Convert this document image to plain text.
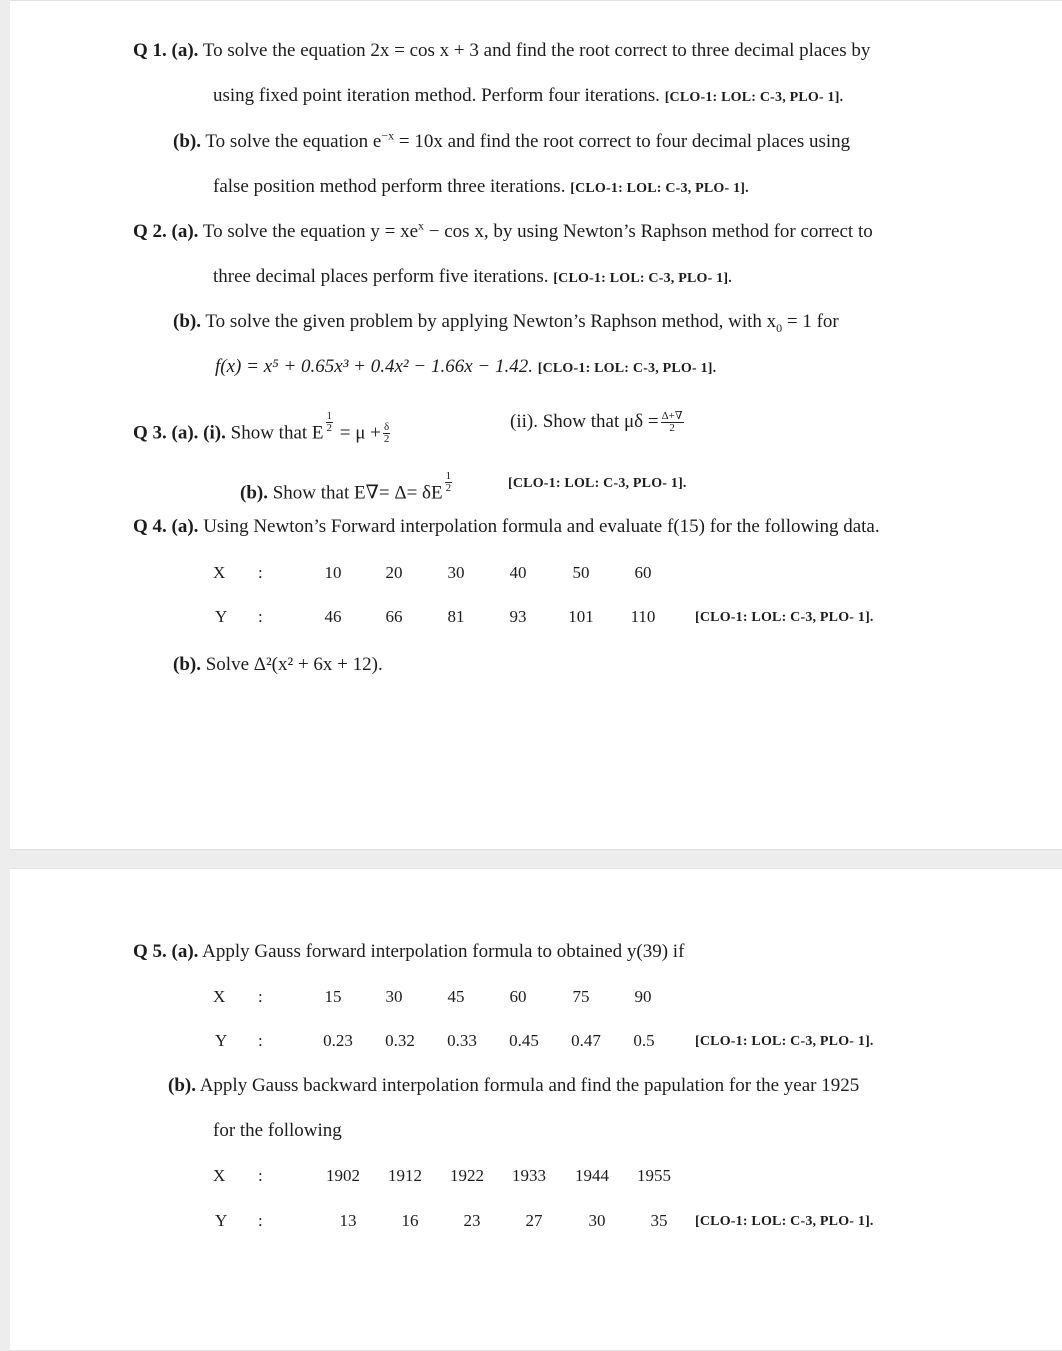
Q 1. (a). To solve the equation 2x = cos x + 3 and find the root correct to three decimal places by
using fixed point iteration method. Perform four iterations. [CLO-1: LOL: C-3, PLO- 1].
(b). To solve the equation $e^{-x} = 10x$ and find the root correct to four decimal places using
false position method perform three iterations. [CLO-1: LOL: C-3, PLO- 1].
Q 2. (a). To solve the equation $y = xe^x - \cos x$, by using Newton’s Raphson method for correct to
three decimal places perform five iterations. [CLO-1: LOL: C-3, PLO- 1].
(b). To solve the given problem by applying Newton’s Raphson method, with $x_0 = 1$ for
f(x) = x⁵ + 0.65x³ + 0.4x² − 1.66x − 1.42. [CLO-1: LOL: C-3, PLO- 1].
Q 3. (a). (i). Show that E $\frac{1}{2} = \mu + \frac{\delta}{2}$
(ii). Show that $\mu\delta = \frac{\Delta+\nabla}{2}$
(b). Show that E∇= Δ= δE $\frac{1}{2}$	[CLO-1: LOL: C-3, PLO- 1].
Q 4. (a). Using Newton’s Forward interpolation formula and evaluate f(15) for the following data.
X :	10	20	30	40	50	60
Y :	46	66	81	93	101	110	[CLO-1: LOL: C-3, PLO- 1].
(b). Solve Δ²(x² + 6x + 12).
Q 5. (a). Apply Gauss forward interpolation formula to obtained y(39) if
X :	15	30	45	60	75	90
Y :	0.23	0.32	0.33	0.45	0.47	0.5	[CLO-1: LOL: C-3, PLO- 1].
(b). Apply Gauss backward interpolation formula and find the papulation for the year 1925
for the following
X :	1902	1912	1922	1933	1944	1955
Y :	13	16	23	27	30	35	[CLO-1: LOL: C-3, PLO- 1].
